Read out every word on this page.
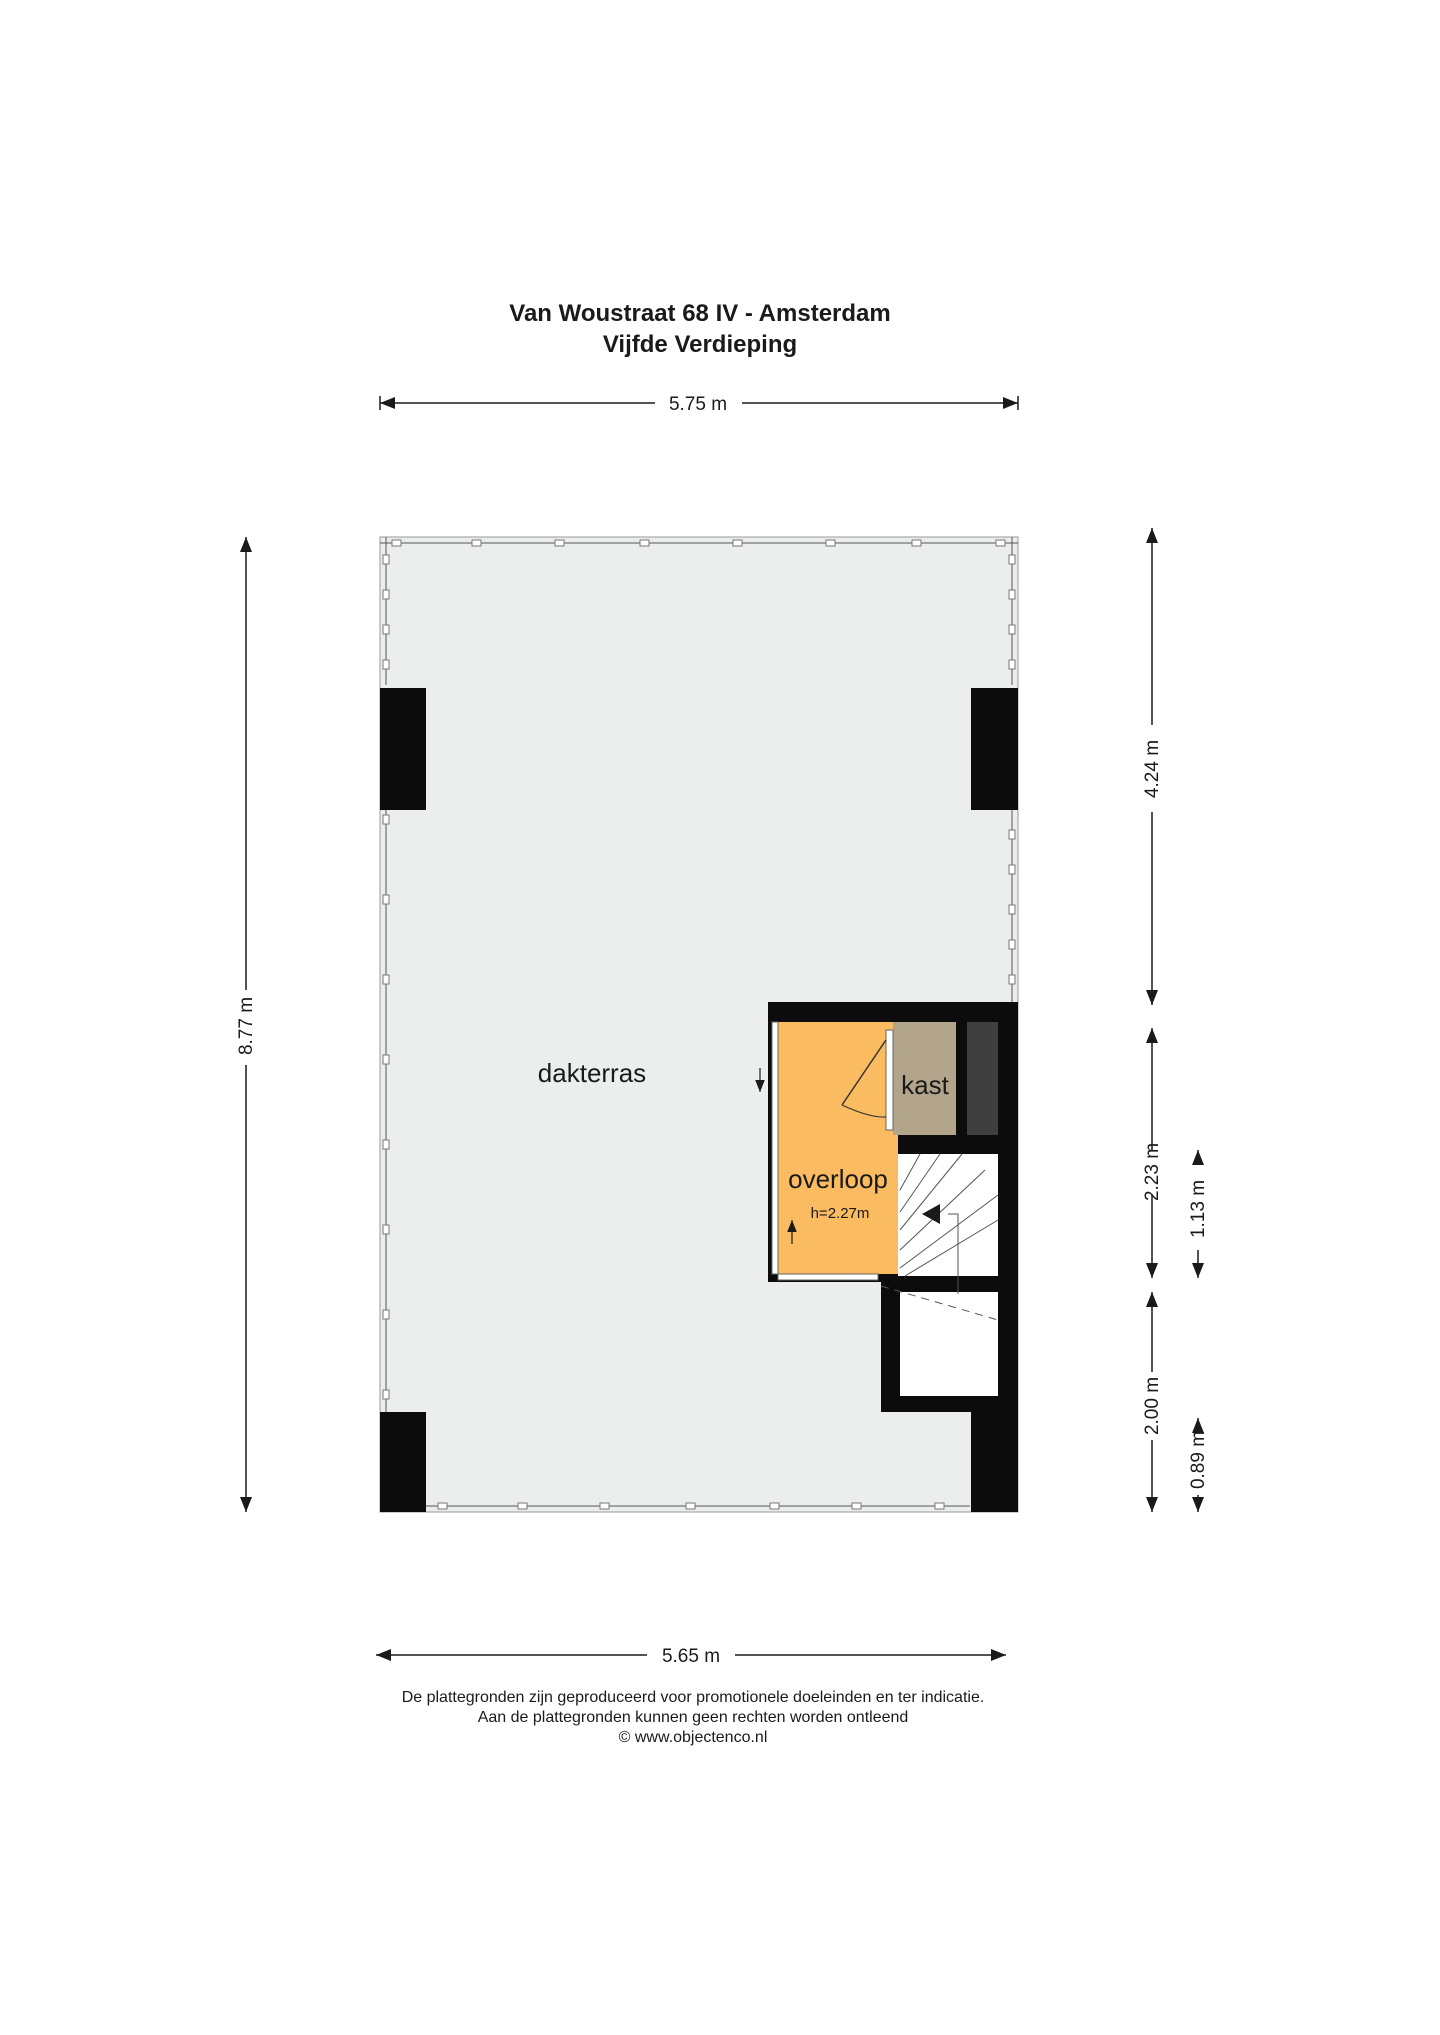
Van Woustraat 68 IV - Amsterdam
Vijfde Verdieping
5.75 m
8.77 m
4.24 m
2.23 m
2.00 m
1.13 m
0.89 m
dakterras
overloop
h=2.27m
kast
5.65 m
De plattegronden zijn geproduceerd voor promotionele doeleinden en ter indicatie.
Aan de plattegronden kunnen geen rechten worden ontleend
© www.objectenco.nl
